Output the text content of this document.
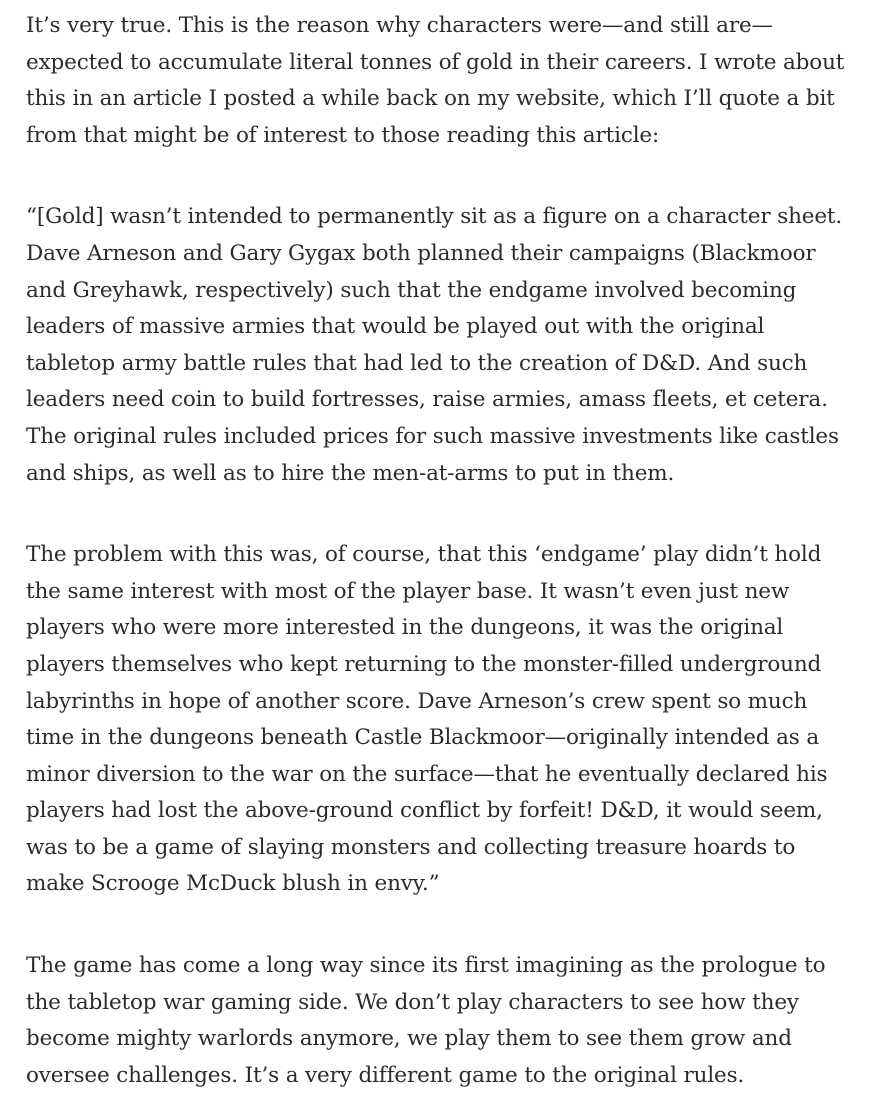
It’s very true. This is the reason why characters were—and still are—
expected to accumulate literal tonnes of gold in their careers. I wrote about
this in an article I posted a while back on my website, which I’ll quote a bit
from that might be of interest to those reading this article:

“[Gold] wasn’t intended to permanently sit as a figure on a character sheet.
Dave Arneson and Gary Gygax both planned their campaigns (Blackmoor
and Greyhawk, respectively) such that the endgame involved becoming
leaders of massive armies that would be played out with the original
tabletop army battle rules that had led to the creation of D&D. And such
leaders need coin to build fortresses, raise armies, amass fleets, et cetera.
The original rules included prices for such massive investments like castles
and ships, as well as to hire the men-at-arms to put in them.

The problem with this was, of course, that this ‘endgame’ play didn’t hold
the same interest with most of the player base. It wasn’t even just new
players who were more interested in the dungeons, it was the original
players themselves who kept returning to the monster-filled underground
labyrinths in hope of another score. Dave Arneson’s crew spent so much
time in the dungeons beneath Castle Blackmoor—originally intended as a
minor diversion to the war on the surface—that he eventually declared his
players had lost the above-ground conflict by forfeit! D&D, it would seem,
was to be a game of slaying monsters and collecting treasure hoards to
make Scrooge McDuck blush in envy.”

The game has come a long way since its first imagining as the prologue to
the tabletop war gaming side. We don’t play characters to see how they
become mighty warlords anymore, we play them to see them grow and
oversee challenges. It’s a very different game to the original rules.
